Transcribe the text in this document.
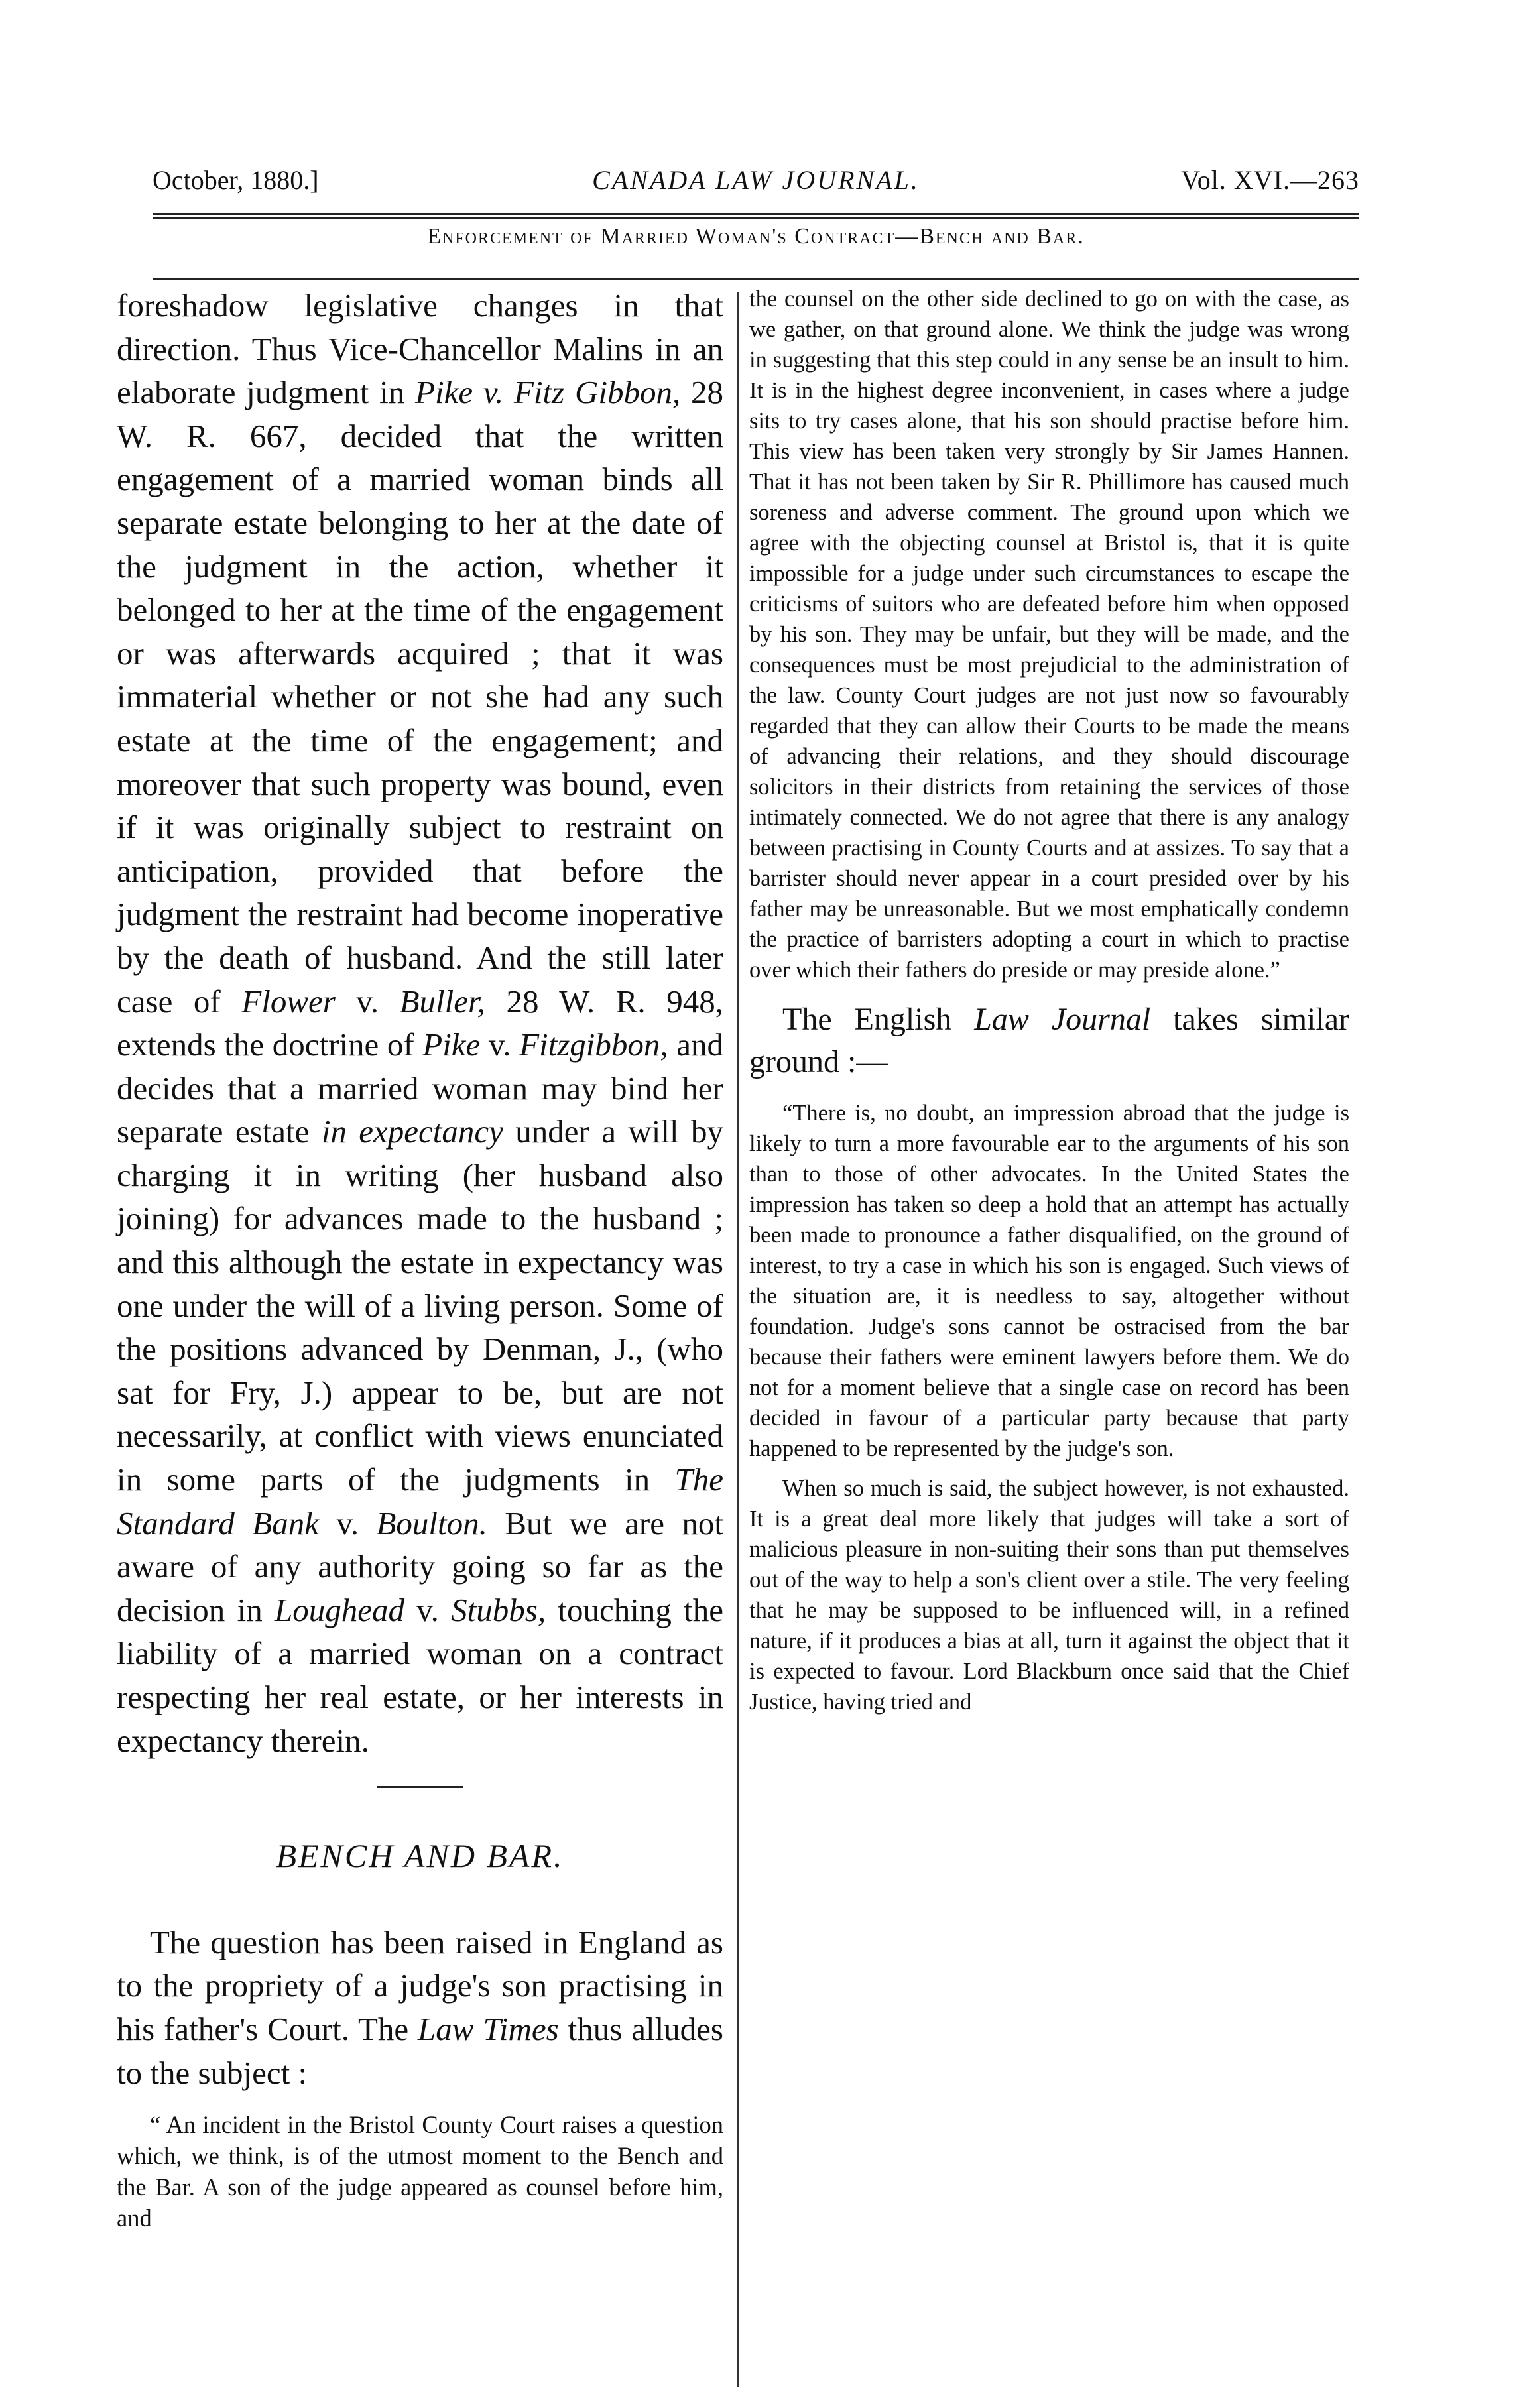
October, 1880.]	CANADA LAW JOURNAL.	Vol. XVI.—263
Enforcement of Married Woman's Contract—Bench and Bar.

foreshadow legislative changes in that direction. Thus Vice-Chancellor Malins in an elaborate judgment in Pike v. Fitz Gibbon, 28 W. R. 667, decided that the written engagement of a married woman binds all separate estate belonging to her at the date of the judgment in the action, whether it belonged to her at the time of the engagement or was afterwards acquired ; that it was immaterial whether or not she had any such estate at the time of the engagement; and moreover that such property was bound, even if it was originally subject to restraint on anticipation, provided that before the judgment the restraint had become inoperative by the death of husband. And the still later case of Flower v. Buller, 28 W. R. 948, extends the doctrine of Pike v. Fitzgibbon, and decides that a married woman may bind her separate estate in expectancy under a will by charging it in writing (her husband also joining) for advances made to the husband ; and this although the estate in expectancy was one under the will of a living person. Some of the positions advanced by Denman, J., (who sat for Fry, J.) appear to be, but are not necessarily, at conflict with views enunciated in some parts of the judgments in The Standard Bank v. Boulton. But we are not aware of any authority going so far as the decision in Loughead v. Stubbs, touching the liability of a married woman on a contract respecting her real estate, or her interests in expectancy therein.

BENCH AND BAR.

The question has been raised in England as to the propriety of a judge's son practising in his father's Court. The Law Times thus alludes to the subject :

“ An incident in the Bristol County Court raises a question which, we think, is of the utmost moment to the Bench and the Bar. A son of the judge appeared as counsel before him, and

the counsel on the other side declined to go on with the case, as we gather, on that ground alone. We think the judge was wrong in suggesting that this step could in any sense be an insult to him. It is in the highest degree inconvenient, in cases where a judge sits to try cases alone, that his son should practise before him. This view has been taken very strongly by Sir James Hannen. That it has not been taken by Sir R. Phillimore has caused much soreness and adverse comment. The ground upon which we agree with the objecting counsel at Bristol is, that it is quite impossible for a judge under such circumstances to escape the criticisms of suitors who are defeated before him when opposed by his son. They may be unfair, but they will be made, and the consequences must be most prejudicial to the administration of the law. County Court judges are not just now so favourably regarded that they can allow their Courts to be made the means of advancing their relations, and they should discourage solicitors in their districts from retaining the services of those intimately connected. We do not agree that there is any analogy between practising in County Courts and at assizes. To say that a barrister should never appear in a court presided over by his father may be unreasonable. But we most emphatically condemn the practice of barristers adopting a court in which to practise over which their fathers do preside or may preside alone.”

The English Law Journal takes similar ground :—

“There is, no doubt, an impression abroad that the judge is likely to turn a more favourable ear to the arguments of his son than to those of other advocates. In the United States the impression has taken so deep a hold that an attempt has actually been made to pronounce a father disqualified, on the ground of interest, to try a case in which his son is engaged. Such views of the situation are, it is needless to say, altogether without foundation. Judge's sons cannot be ostracised from the bar because their fathers were eminent lawyers before them. We do not for a moment believe that a single case on record has been decided in favour of a particular party because that party happened to be represented by the judge's son.

When so much is said, the subject however, is not exhausted. It is a great deal more likely that judges will take a sort of malicious pleasure in non-suiting their sons than put themselves out of the way to help a son's client over a stile. The very feeling that he may be supposed to be influenced will, in a refined nature, if it produces a bias at all, turn it against the object that it is expected to favour. Lord Blackburn once said that the Chief Justice, having tried and
